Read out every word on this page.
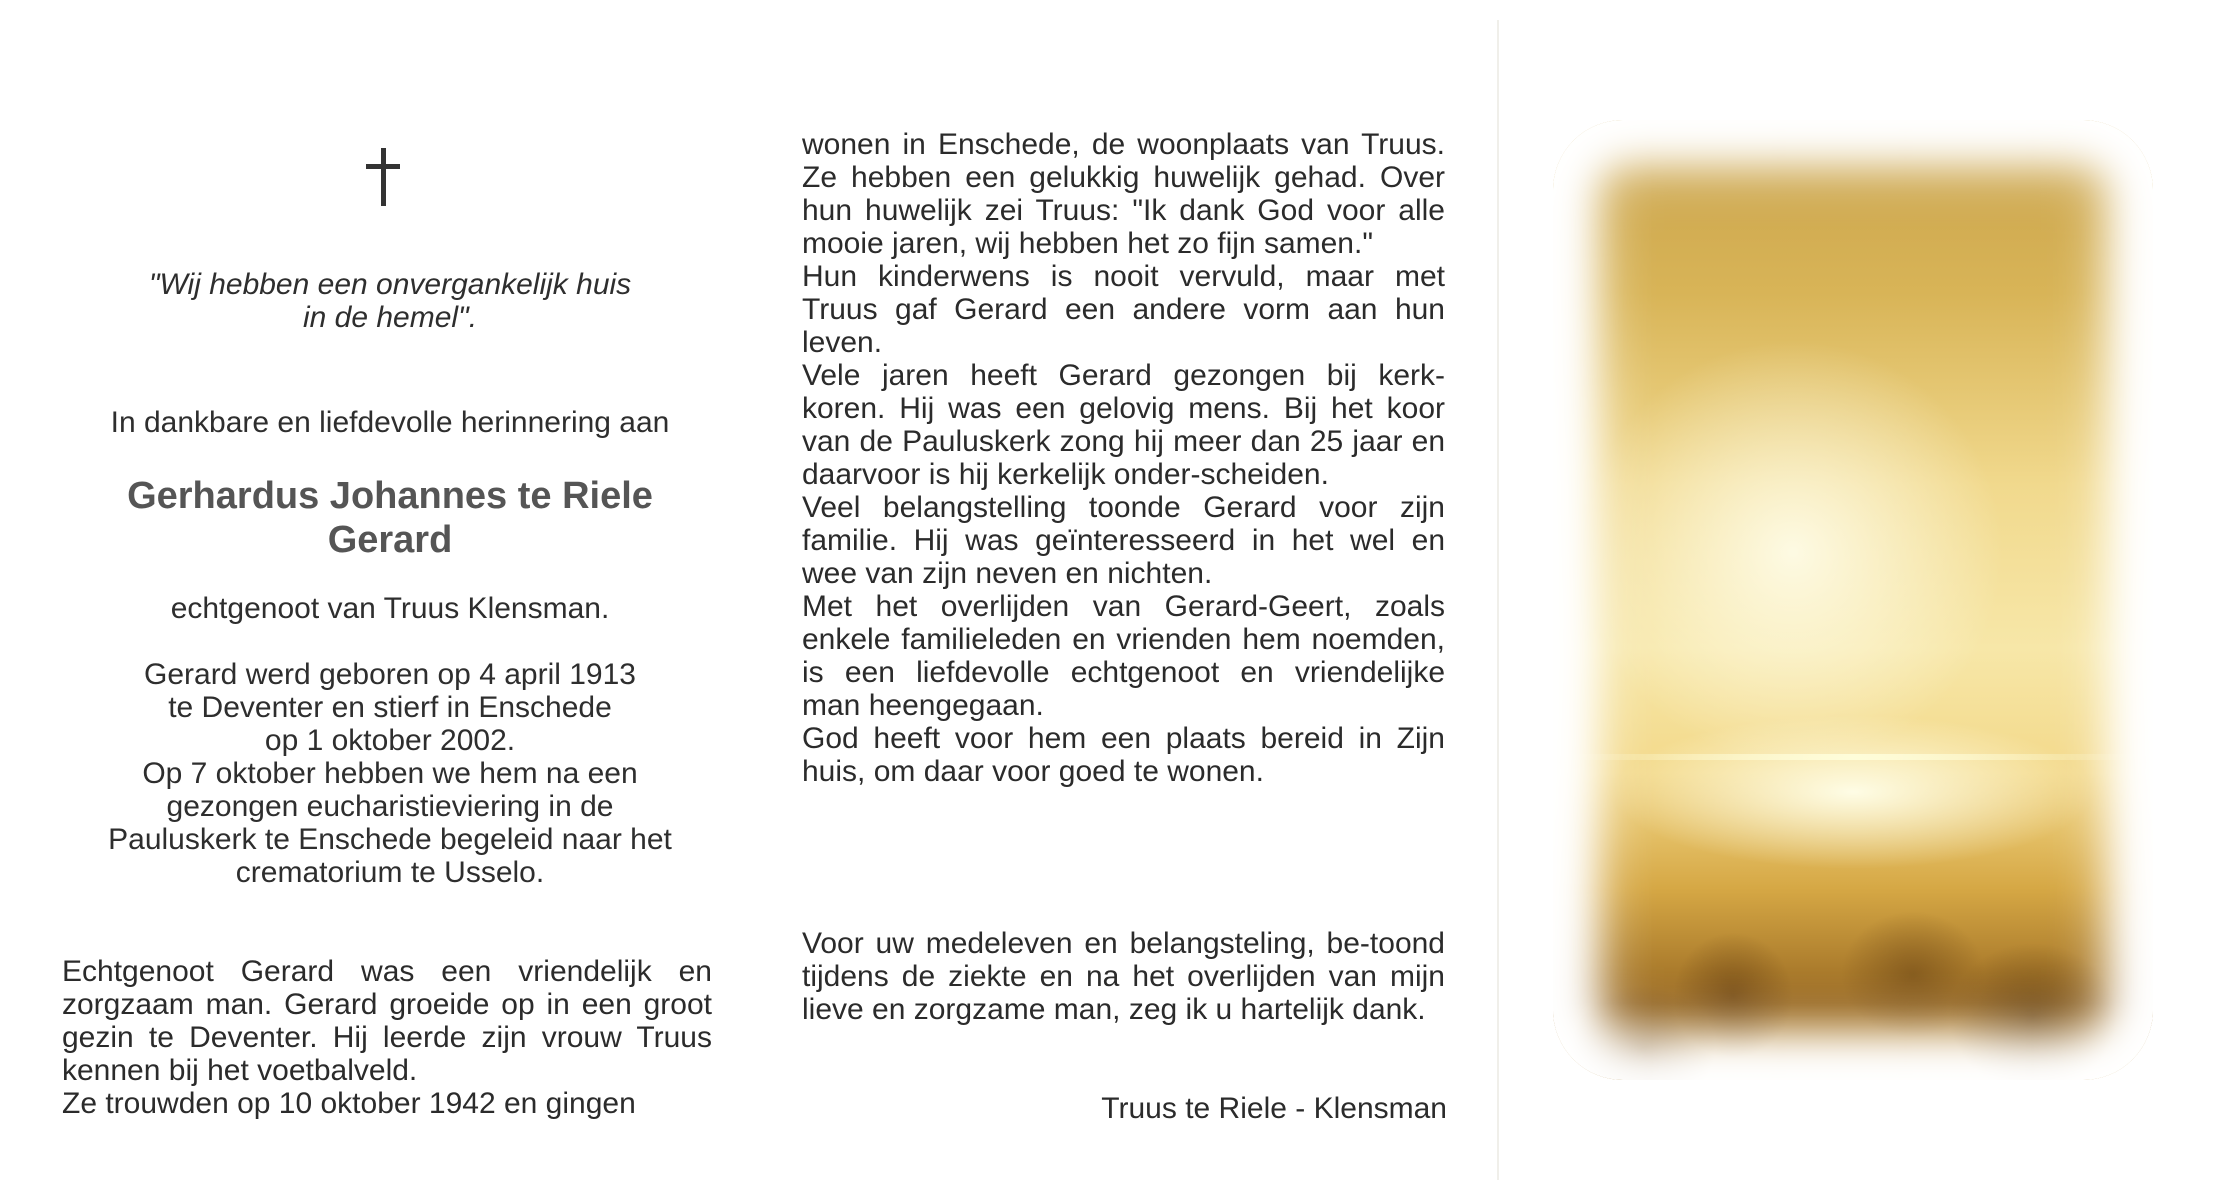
"Wij hebben een onvergankelijk huis
in de hemel".
In dankbare en liefdevolle herinnering aan
Gerhardus Johannes te Riele
Gerard
echtgenoot van Truus Klensman.
Gerard werd geboren op 4 april 1913
te Deventer en stierf in Enschede
op 1 oktober 2002.
Op 7 oktober hebben we hem na een
gezongen eucharistieviering in de
Pauluskerk te Enschede begeleid naar het
crematorium te Usselo.

Echtgenoot Gerard was een vriendelijk en zorgzaam man. Gerard groeide op in een groot gezin te Deventer. Hij leerde zijn vrouw Truus kennen bij het voetbalveld.

Ze trouwden op 10 oktober 1942 en gingen

wonen in Enschede, de woonplaats van Truus. Ze hebben een gelukkig huwelijk gehad. Over hun huwelijk zei Truus: "Ik dank God voor alle mooie jaren, wij hebben het zo fijn samen."

Hun kinderwens is nooit vervuld, maar met Truus gaf Gerard een andere vorm aan hun leven.

Vele jaren heeft Gerard gezongen bij kerk-koren. Hij was een gelovig mens. Bij het koor van de Pauluskerk zong hij meer dan 25 jaar en daarvoor is hij kerkelijk onder-scheiden.

Veel belangstelling toonde Gerard voor zijn familie. Hij was geïnteresseerd in het wel en wee van zijn neven en nichten.

Met het overlijden van Gerard-Geert, zoals enkele familieleden en vrienden hem noemden, is een liefdevolle echtgenoot en vriendelijke man heengegaan.

God heeft voor hem een plaats bereid in Zijn huis, om daar voor goed te wonen.

Voor uw medeleven en belangsteling, be-toond tijdens de ziekte en na het overlijden van mijn lieve en zorgzame man, zeg ik u hartelijk dank.

Truus te Riele - Klensman
